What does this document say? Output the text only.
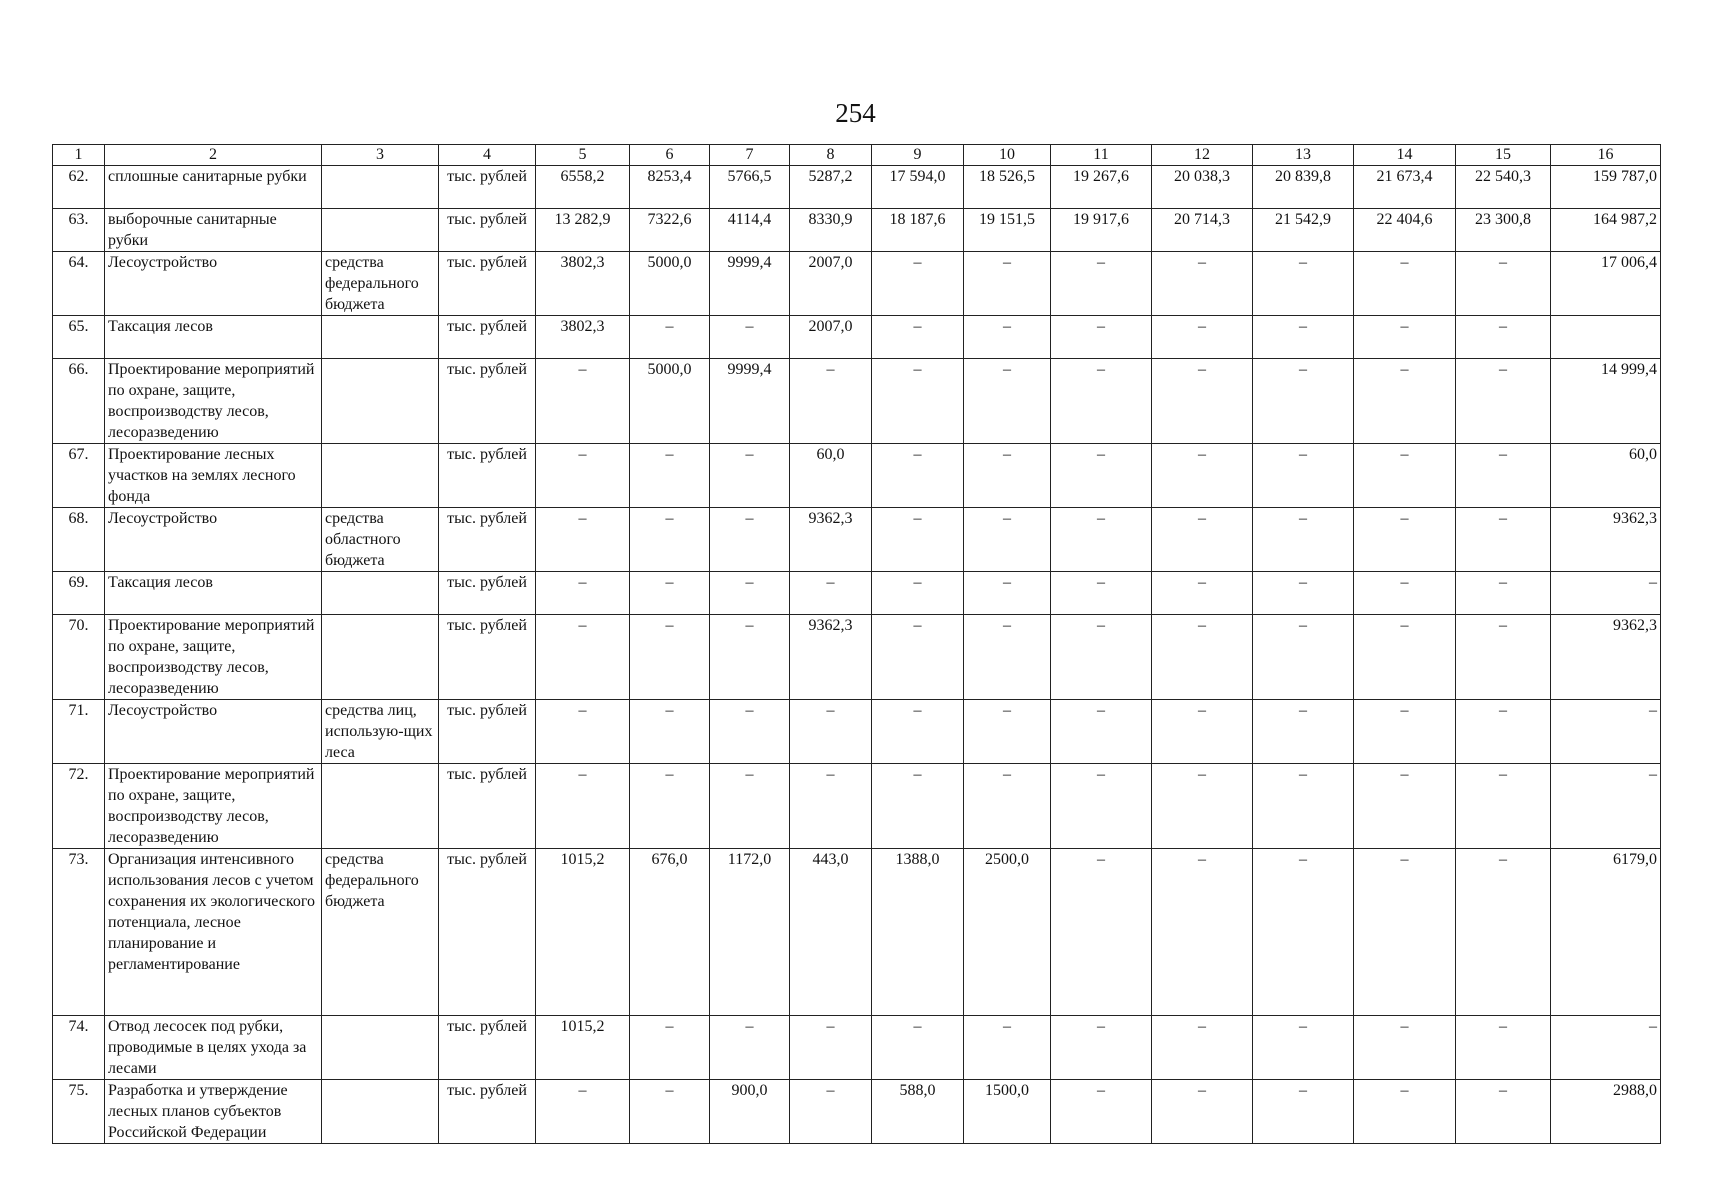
254
1	2	3	4	5	6	7	8	9	10	11	12	13	14	15	16
62.	сплошные санитарные рубки		тыс. рублей	6558,2	8253,4	5766,5	5287,2	17 594,0	18 526,5	19 267,6	20 038,3	20 839,8	21 673,4	22 540,3	159 787,0
63.	выборочные санитарные рубки		тыс. рублей	13 282,9	7322,6	4114,4	8330,9	18 187,6	19 151,5	19 917,6	20 714,3	21 542,9	22 404,6	23 300,8	164 987,2
64.	Лесоустройство	средства федерального бюджета	тыс. рублей	3802,3	5000,0	9999,4	2007,0	–	–	–	–	–	–	–	17 006,4
65.	Таксация лесов		тыс. рублей	3802,3	–	–	2007,0	–	–	–	–	–	–	–	
66.	Проектирование мероприятий по охране, защите, воспроизводству лесов, лесоразведению		тыс. рублей	–	5000,0	9999,4	–	–	–	–	–	–	–	–	14 999,4
67.	Проектирование лесных участков на землях лесного фонда		тыс. рублей	–	–	–	60,0	–	–	–	–	–	–	–	60,0
68.	Лесоустройство	средства областного бюджета	тыс. рублей	–	–	–	9362,3	–	–	–	–	–	–	–	9362,3
69.	Таксация лесов		тыс. рублей	–	–	–	–	–	–	–	–	–	–	–	–
70.	Проектирование мероприятий по охране, защите, воспроизводству лесов, лесоразведению		тыс. рублей	–	–	–	9362,3	–	–	–	–	–	–	–	9362,3
71.	Лесоустройство	средства лиц, использую-щих леса	тыс. рублей	–	–	–	–	–	–	–	–	–	–	–	–
72.	Проектирование мероприятий по охране, защите, воспроизводству лесов, лесоразведению		тыс. рублей	–	–	–	–	–	–	–	–	–	–	–	–
73.	Организация интенсивного использования лесов с учетом сохранения их экологического потенциала, лесное планирование и регламентирование	средства федерального бюджета	тыс. рублей	1015,2	676,0	1172,0	443,0	1388,0	2500,0	–	–	–	–	–	6179,0
74.	Отвод лесосек под рубки, проводимые в целях ухода за лесами		тыс. рублей	1015,2	–	–	–	–	–	–	–	–	–	–	–
75.	Разработка и утверждение лесных планов субъектов Российской Федерации		тыс. рублей	–	–	900,0	–	588,0	1500,0	–	–	–	–	–	2988,0
